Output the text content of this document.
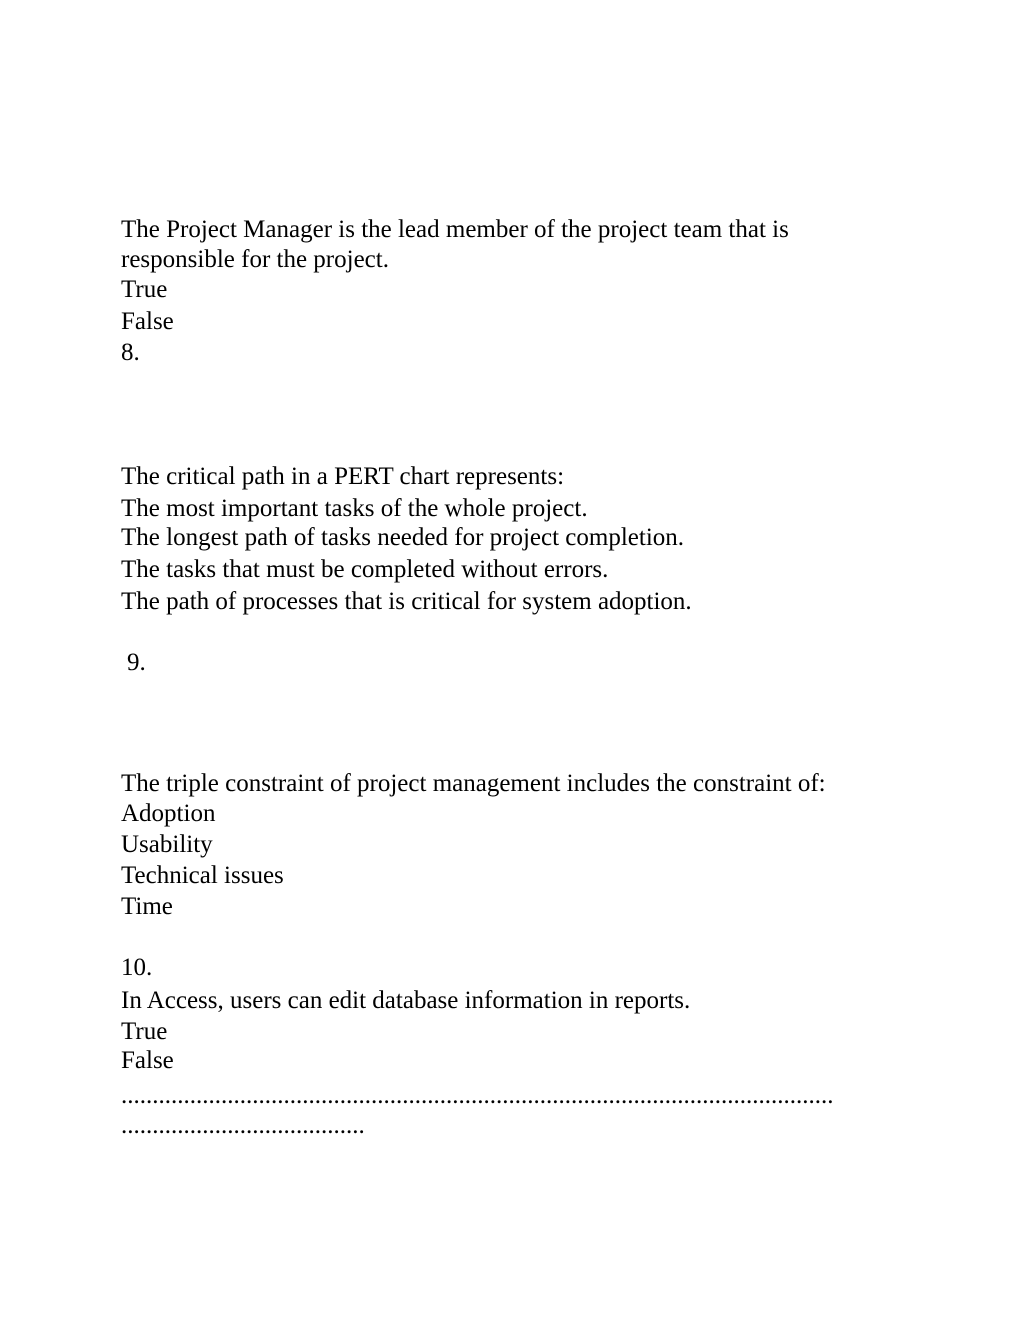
The Project Manager is the lead member of the project team that is
responsible for the project.
True
False
8.
The critical path in a PERT chart represents:
The most important tasks of the whole project.
The longest path of tasks needed for project completion.
The tasks that must be completed without errors.
The path of processes that is critical for system adoption.
9.
The triple constraint of project management includes the constraint of:
Adoption
Usability
Technical issues
Time
10.
In Access, users can edit database information in reports.
True
False
..................................................................................................................
.......................................
